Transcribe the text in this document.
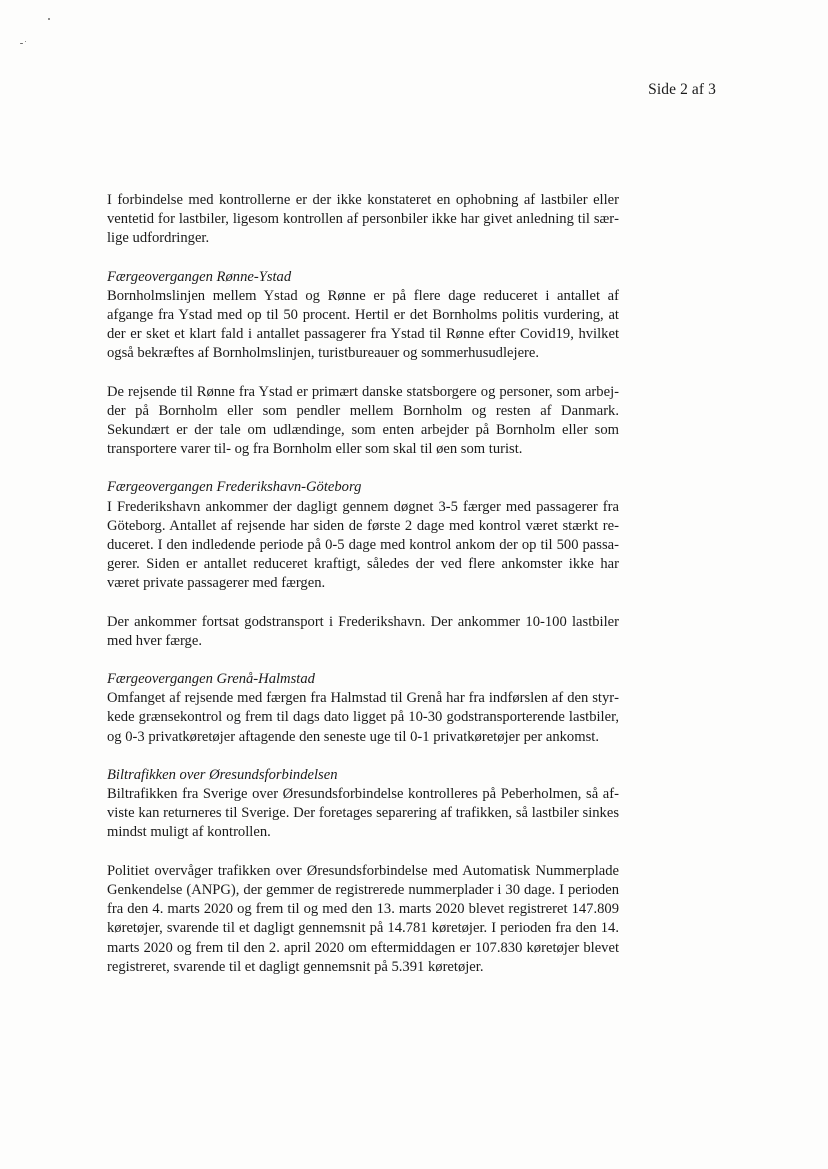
Side 2 af 3

I forbindelse med kontrollerne er der ikke konstateret en ophobning af lastbiler eller ventetid for lastbiler, ligesom kontrollen af personbiler ikke har givet anledning til særlige udfordringer.

Færgeovergangen Rønne-Ystad

Bornholmslinjen mellem Ystad og Rønne er på flere dage reduceret i antallet af afgange fra Ystad med op til 50 procent. Hertil er det Bornholms politis vurdering, at der er sket et klart fald i antallet passagerer fra Ystad til Rønne efter Covid19, hvilket også bekræftes af Bornholmslinjen, turistbureauer og sommerhusudlejere.

De rejsende til Rønne fra Ystad er primært danske statsborgere og personer, som arbejder på Bornholm eller som pendler mellem Bornholm og resten af Danmark. Sekundært er der tale om udlændinge, som enten arbejder på Bornholm eller som transportere varer til- og fra Bornholm eller som skal til øen som turist.

Færgeovergangen Frederikshavn-Göteborg

I Frederikshavn ankommer der dagligt gennem døgnet 3-5 færger med passagerer fra Göteborg. Antallet af rejsende har siden de første 2 dage med kontrol været stærkt reduceret. I den indledende periode på 0-5 dage med kontrol ankom der op til 500 passagerer. Siden er antallet reduceret kraftigt, således der ved flere ankomster ikke har været private passagerer med færgen.

Der ankommer fortsat godstransport i Frederikshavn. Der ankommer 10-100 lastbiler med hver færge.

Færgeovergangen Grenå-Halmstad

Omfanget af rejsende med færgen fra Halmstad til Grenå har fra indførslen af den styrkede grænsekontrol og frem til dags dato ligget på 10-30 godstransporterende lastbiler, og 0-3 privatkøretøjer aftagende den seneste uge til 0-1 privatkøretøjer per ankomst.

Biltrafikken over Øresundsforbindelsen

Biltrafikken fra Sverige over Øresundsforbindelse kontrolleres på Peberholmen, så afviste kan returneres til Sverige. Der foretages separering af trafikken, så lastbiler sinkes mindst muligt af kontrollen.

Politiet overvåger trafikken over Øresundsforbindelse med Automatisk Nummerplade Genkendelse (ANPG), der gemmer de registrerede nummerplader i 30 dage. I perioden fra den 4. marts 2020 og frem til og med den 13. marts 2020 blevet registreret 147.809 køretøjer, svarende til et dagligt gennemsnit på 14.781 køretøjer. I perioden fra den 14. marts 2020 og frem til den 2. april 2020 om eftermiddagen er 107.830 køretøjer blevet registreret, svarende til et dagligt gennemsnit på 5.391 køretøjer.
